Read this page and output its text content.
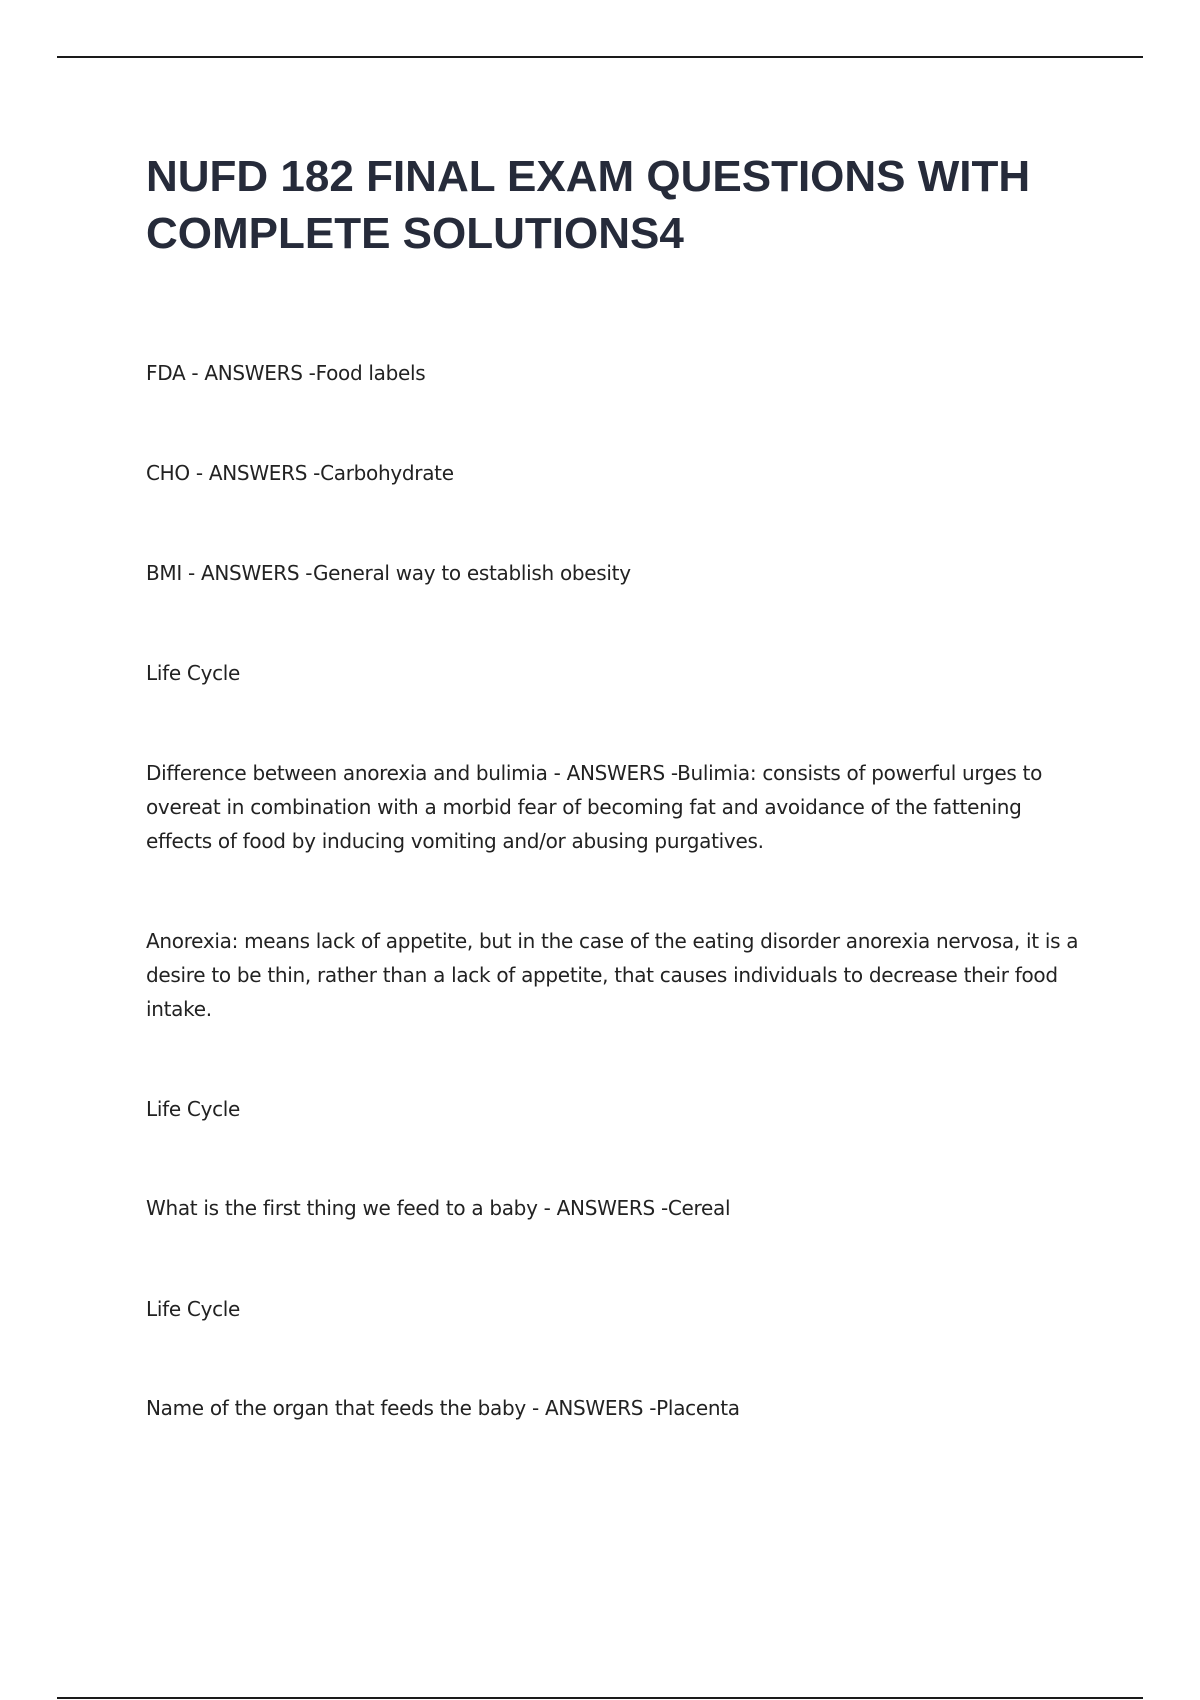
NUFD 182 FINAL EXAM QUESTIONS WITH COMPLETE SOLUTIONS4

FDA - ANSWERS -Food labels

CHO - ANSWERS -Carbohydrate

BMI - ANSWERS -General way to establish obesity

Life Cycle

Difference between anorexia and bulimia - ANSWERS -Bulimia: consists of powerful urges to overeat in combination with a morbid fear of becoming fat and avoidance of the fattening effects of food by inducing vomiting and/or abusing purgatives.

Anorexia: means lack of appetite, but in the case of the eating disorder anorexia nervosa, it is a desire to be thin, rather than a lack of appetite, that causes individuals to decrease their food intake.

Life Cycle

What is the first thing we feed to a baby - ANSWERS -Cereal

Life Cycle

Name of the organ that feeds the baby - ANSWERS -Placenta
